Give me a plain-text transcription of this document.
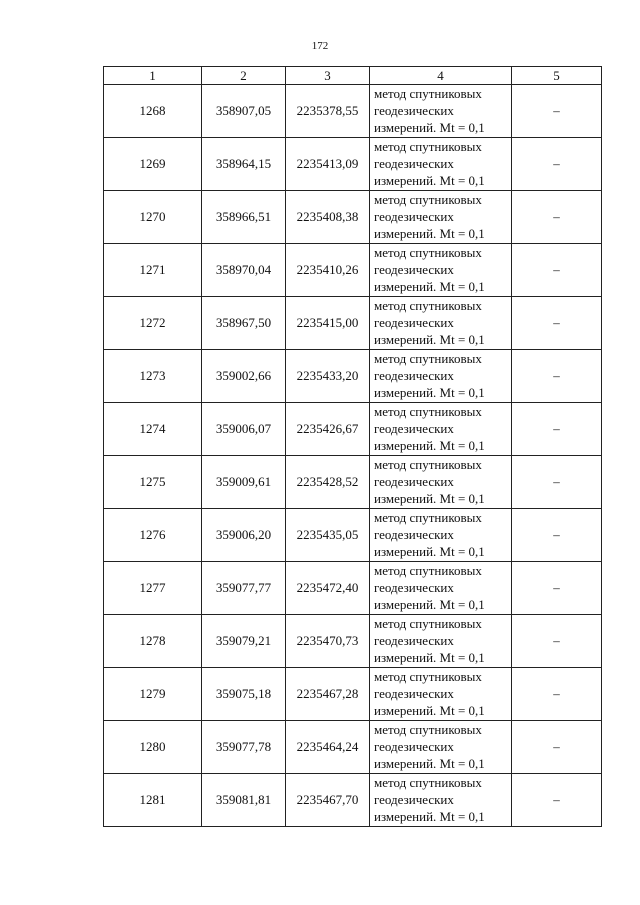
172
1	2	3	4	5
1268	358907,05	2235378,55	метод спутниковых
геодезических
измерений. Mt = 0,1	–
1269	358964,15	2235413,09	метод спутниковых
геодезических
измерений. Mt = 0,1	–
1270	358966,51	2235408,38	метод спутниковых
геодезических
измерений. Mt = 0,1	–
1271	358970,04	2235410,26	метод спутниковых
геодезических
измерений. Mt = 0,1	–
1272	358967,50	2235415,00	метод спутниковых
геодезических
измерений. Mt = 0,1	–
1273	359002,66	2235433,20	метод спутниковых
геодезических
измерений. Mt = 0,1	–
1274	359006,07	2235426,67	метод спутниковых
геодезических
измерений. Mt = 0,1	–
1275	359009,61	2235428,52	метод спутниковых
геодезических
измерений. Mt = 0,1	–
1276	359006,20	2235435,05	метод спутниковых
геодезических
измерений. Mt = 0,1	–
1277	359077,77	2235472,40	метод спутниковых
геодезических
измерений. Mt = 0,1	–
1278	359079,21	2235470,73	метод спутниковых
геодезических
измерений. Mt = 0,1	–
1279	359075,18	2235467,28	метод спутниковых
геодезических
измерений. Mt = 0,1	–
1280	359077,78	2235464,24	метод спутниковых
геодезических
измерений. Mt = 0,1	–
1281	359081,81	2235467,70	метод спутниковых
геодезических
измерений. Mt = 0,1	–
